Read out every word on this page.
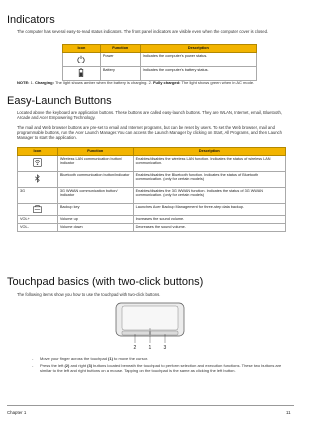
Indicators
The computer has several easy-to-read status indicators. The front panel indicators are visible even when the computer cover is closed.
Icon	Function	Description
	Power	Indicates the computer's power status.
	Battery	Indicates the computer's battery status.
NOTE: 1. Charging: The light shows amber when the battery is charging. 2. Fully charged: The light shows green when in AC mode.
Easy-Launch Buttons
Located above the keyboard are application buttons. These buttons are called easy-launch buttons. They are WLAN, Internet, email, Bluetooth, Arcade and Acer Empowering Technology.
The mail and Web browser buttons are pre-set to email and Internet programs, but can be reset by users. To set the Web browser, mail and programmable buttons, run the Acer Launch Manager.You can access the Launch Manager by clicking on Start, All Programs, and then Launch Manager to start the application.
Icon	Function	Description
	Wireless LAN communication button/ indicator	Enables/disables the wireless LAN function. Indicates the status of wireless LAN communication.
	Bluetooth communication button/indicator	Enables/disables the Bluetooth function. Indicates the status of Bluetooth communication. (only for certain models)
3G	3G WWAN communication button/ indicator	Enables/disables the 3G WWAN function. Indicates the status of 3G WWAN communication. (only for certain models)
	Backup key	Launches Acer Backup Management for three-step data backup.
VOL+	Volume up	Increases the sound volume.
VOL-	Volume down	Decreases the sound volume.
Touchpad basics (with two-click buttons)
The following items show you how to use the touchpad with two-click buttons.
2 1 3
- Move your finger across the touchpad (1) to move the cursor.
- Press the left (2) and right (3) buttons located beneath the touchpad to perform selection and execution functions. These two buttons are similar to the left and right buttons on a mouse. Tapping on the touchpad is the same as clicking the left button.
Chapter 1	11
